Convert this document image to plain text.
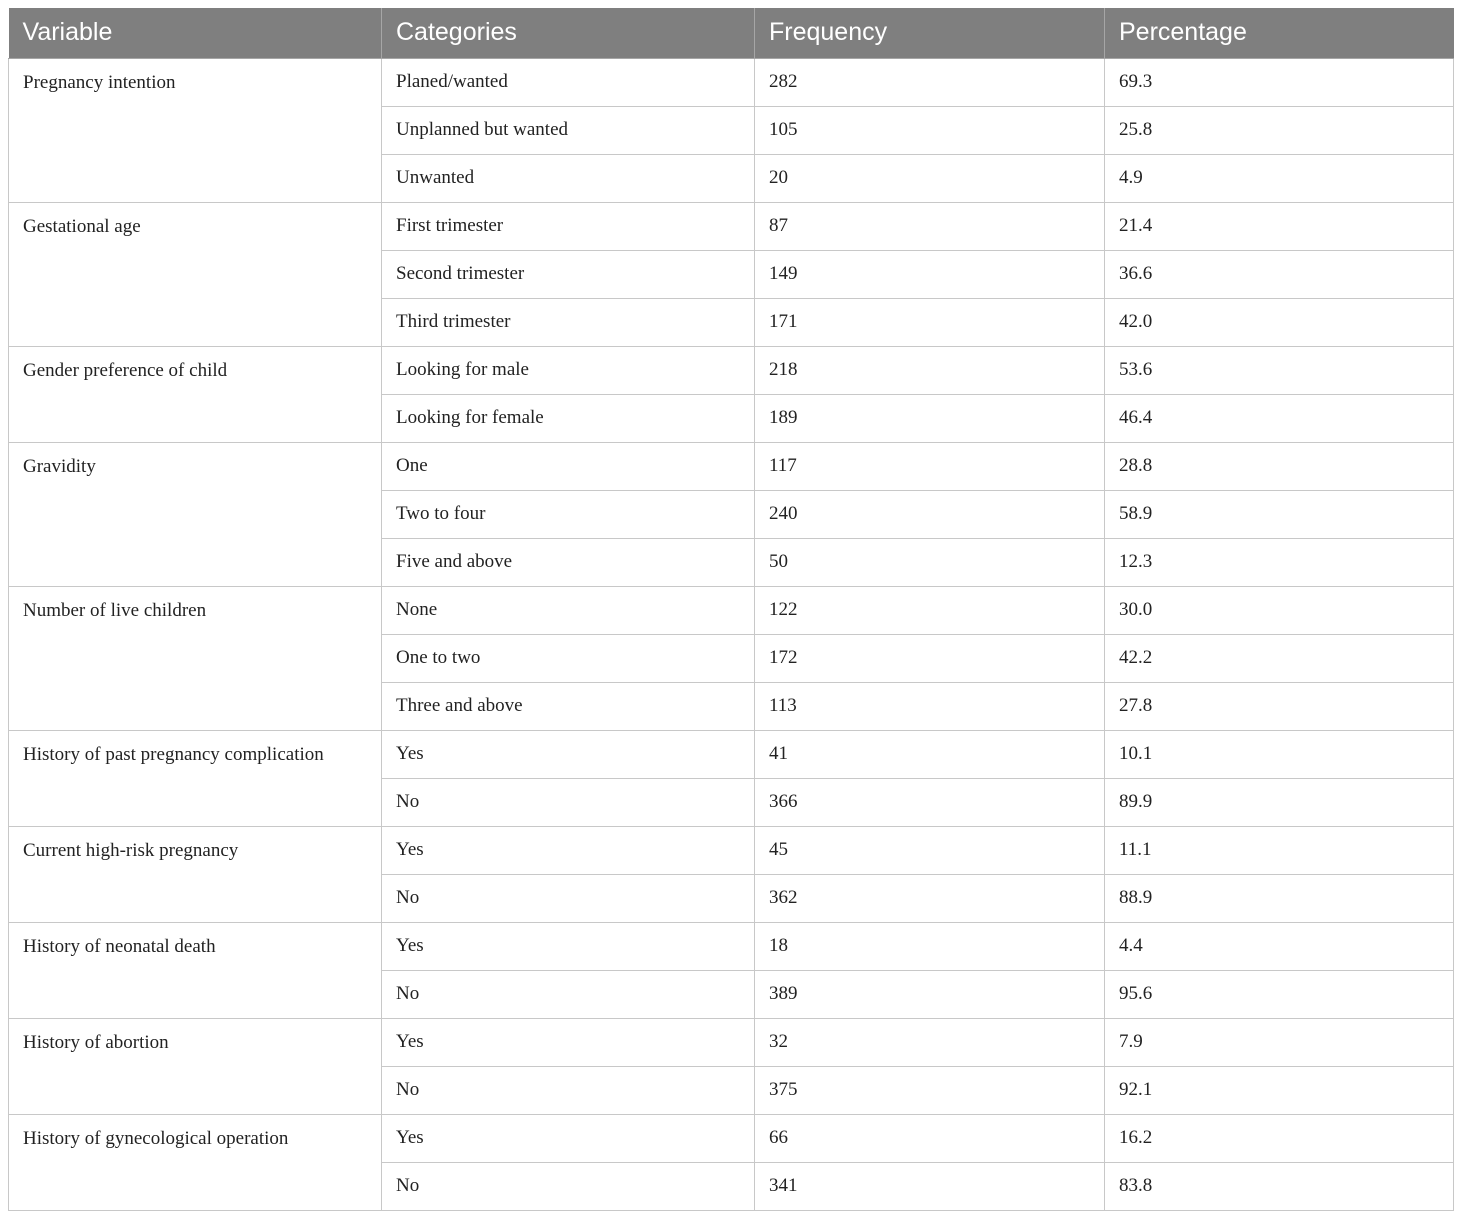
Variable	Categories	Frequency	Percentage
Pregnancy intention	Planed/wanted	282	69.3
	Unplanned but wanted	105	25.8
	Unwanted	20	4.9
Gestational age	First trimester	87	21.4
	Second trimester	149	36.6
	Third trimester	171	42.0
Gender preference of child	Looking for male	218	53.6
	Looking for female	189	46.4
Gravidity	One	117	28.8
	Two to four	240	58.9
	Five and above	50	12.3
Number of live children	None	122	30.0
	One to two	172	42.2
	Three and above	113	27.8
History of past pregnancy complication	Yes	41	10.1
	No	366	89.9
Current high-risk pregnancy	Yes	45	11.1
	No	362	88.9
History of neonatal death	Yes	18	4.4
	No	389	95.6
History of abortion	Yes	32	7.9
	No	375	92.1
History of gynecological operation	Yes	66	16.2
	No	341	83.8
